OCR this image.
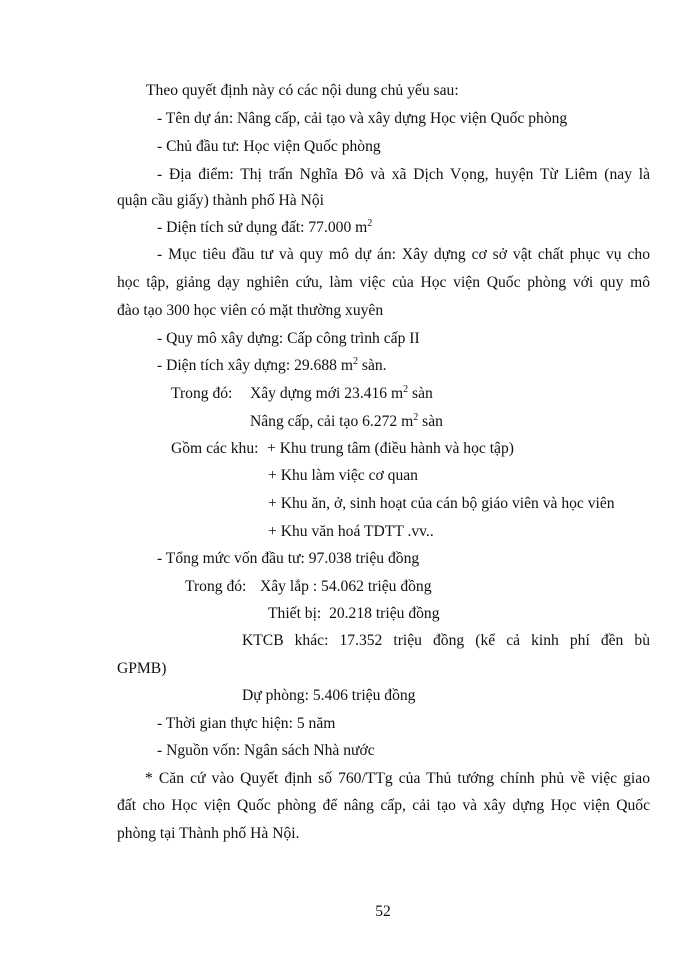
Theo quyết định này có các nội dung chủ yếu sau:
- Tên dự án: Nâng cấp, cải tạo và xây dựng Học viện Quốc phòng
- Chủ đầu tư: Học viện Quốc phòng
- Địa điểm: Thị trấn Nghĩa Đô và xã Dịch Vọng, huyện Từ Liêm (nay là
quận cầu giấy) thành phố Hà Nội
- Diện tích sử dụng đất: 77.000 $m^2$
- Mục tiêu đầu tư và quy mô dự án: Xây dựng cơ sở vật chất phục vụ cho
học tập, giảng dạy nghiên cứu, làm việc của Học viện Quốc phòng với quy mô
đào tạo 300 học viên có mặt thường xuyên
- Quy mô xây dựng: Cấp công trình cấp II
- Diện tích xây dựng: 29.688 $m^2$ sàn.
Trong đó: Xây dựng mới 23.416 $m^2$ sàn
Nâng cấp, cải tạo 6.272 $m^2$ sàn
Gồm các khu: + Khu trung tâm (điều hành và học tập)
+ Khu làm việc cơ quan
+ Khu ăn, ở, sinh hoạt của cán bộ giáo viên và học viên
+ Khu văn hoá TDTT .vv..
- Tổng mức vốn đầu tư: 97.038 triệu đồng
Trong đó: Xây lắp : 54.062 triệu đồng
Thiết bị:  20.218 triệu đồng
KTCB khác: 17.352 triệu đồng (kể cả kinh phí đền bù
GPMB)
Dự phòng: 5.406 triệu đồng
- Thời gian thực hiện: 5 năm
- Nguồn vốn: Ngân sách Nhà nước
* Căn cứ vào Quyết định số 760/TTg của Thủ tướng chính phủ về việc giao
đất cho Học viện Quốc phòng để nâng cấp, cải tạo và xây dựng Học viện Quốc
phòng tại Thành phố Hà Nội.
52
